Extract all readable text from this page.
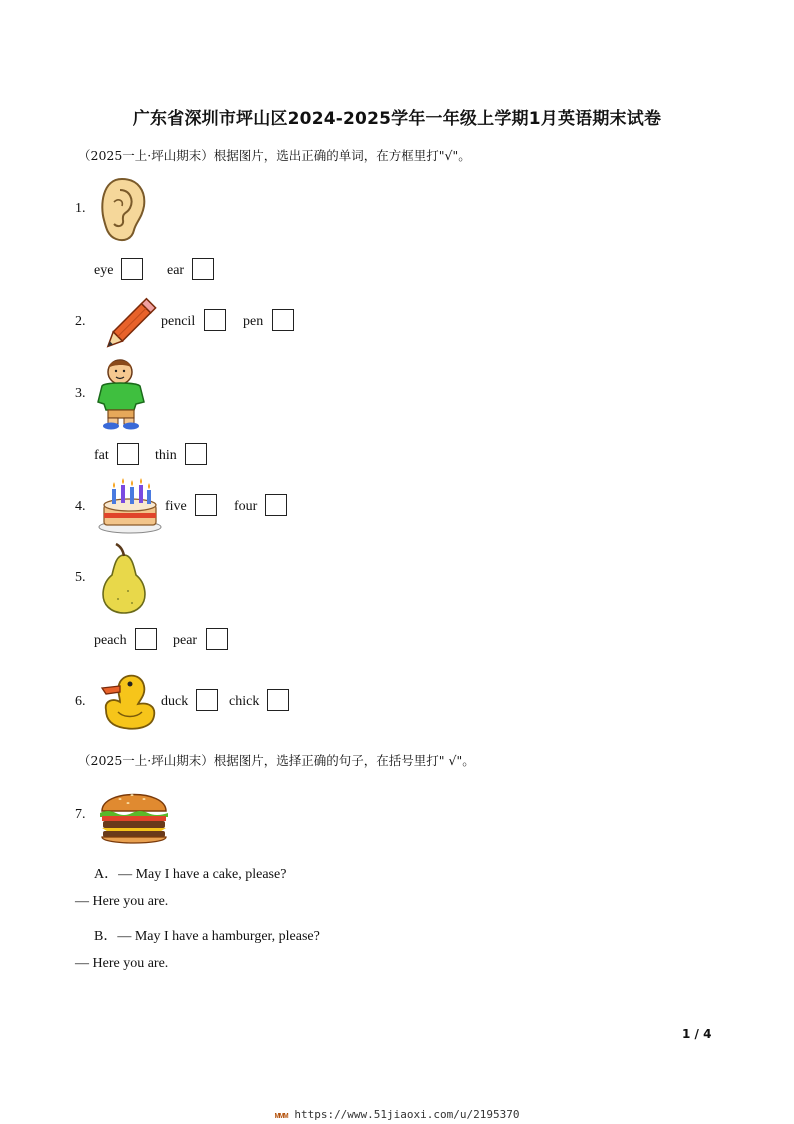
广东省深圳市坪山区2024-2025学年一年级上学期1月英语期末试卷
（2025一上·坪山期末）根据图片，选出正确的单词，在方框里打"√"。
1.
eye	ear
2.	pencil	pen
3.
fat	thin
4.	five	four
5.
peach	pear
6.	duck	chick
（2025一上·坪山期末）根据图片，选择正确的句子，在括号里打" √"。
7.
A．— May I have a cake, please?
— Here you are.
B．— May I have a hamburger, please?
— Here you are.
1 / 4
ᴍᴍᴍ https://www.51jiaoxi.com/u/2195370
